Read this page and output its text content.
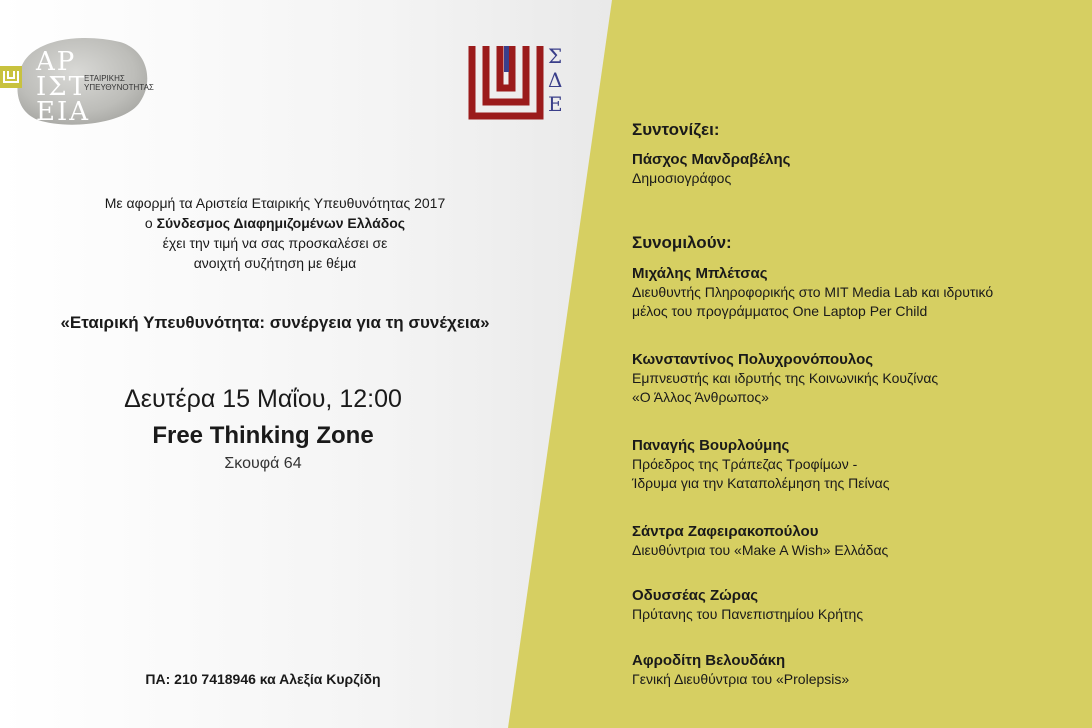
ΑΡ
ΙΣΤ
ΕΙΑ
ΕΤΑΙΡΙΚΗΣ
ΥΠΕΥΘΥΝΟΤΗΤΑΣ
Σ
Δ
Ε
Με αφορμή τα Αριστεία Εταιρικής Υπευθυνότητας 2017
ο Σύνδεσμος Διαφημιζομένων Ελλάδος
έχει την τιμή να σας προσκαλέσει σε
ανοιχτή συζήτηση με θέμα
«Εταιρική Υπευθυνότητα: συνέργεια για τη συνέχεια»
Δευτέρα 15 Μαΐου, 12:00
Free Thinking Zone
Σκουφά 64
ΠΑ: 210 7418946 κα Αλεξία Κυρζίδη
Συντονίζει:
Πάσχος Μανδραβέλης
Δημοσιογράφος
Συνομιλούν:
Μιχάλης Μπλέτσας
Διευθυντής Πληροφορικής στο MIT Media Lab και ιδρυτικό
μέλος του προγράμματος One Laptop Per Child
Κωνσταντίνος Πολυχρονόπουλος
Εμπνευστής και ιδρυτής της Κοινωνικής Κουζίνας
«Ο Άλλος Άνθρωπος»
Παναγής Βουρλούμης
Πρόεδρος της Τράπεζας Τροφίμων -
Ίδρυμα για την Καταπολέμηση της Πείνας
Σάντρα Ζαφειρακοπούλου
Διευθύντρια του «Make A Wish» Ελλάδας
Οδυσσέας Ζώρας
Πρύτανης του Πανεπιστημίου Κρήτης
Αφροδίτη Βελουδάκη
Γενική Διευθύντρια του «Prolepsis»
